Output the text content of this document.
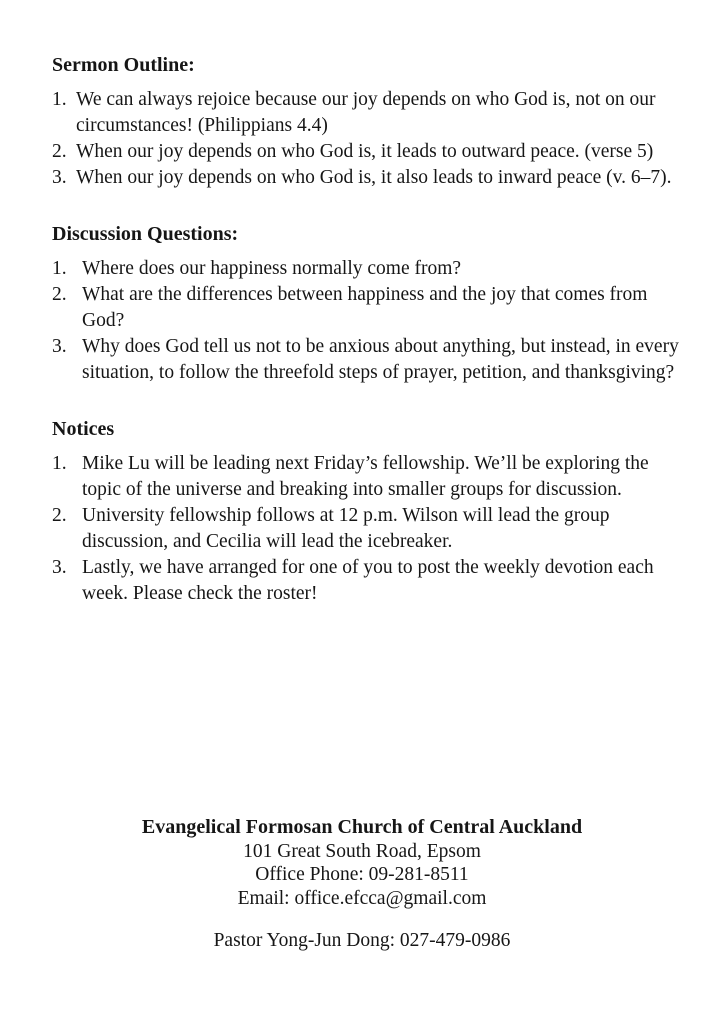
Sermon Outline:
1. We can always rejoice because our joy depends on who God is, not on our circumstances! (Philippians 4.4)
2. When our joy depends on who God is, it leads to outward peace. (verse 5)
3. When our joy depends on who God is, it also leads to inward peace (v. 6–7).
Discussion Questions:
1. Where does our happiness normally come from?
2. What are the differences between happiness and the joy that comes from God?
3. Why does God tell us not to be anxious about anything, but instead, in every situation, to follow the threefold steps of prayer, petition, and thanksgiving?
Notices
1. Mike Lu will be leading next Friday’s fellowship. We’ll be exploring the topic of the universe and breaking into smaller groups for discussion.
2. University fellowship follows at 12 p.m. Wilson will lead the group discussion, and Cecilia will lead the icebreaker.
3. Lastly, we have arranged for one of you to post the weekly devotion each week. Please check the roster!
Evangelical Formosan Church of Central Auckland
101 Great South Road, Epsom
Office Phone: 09-281-8511
Email: office.efcca@gmail.com
Pastor Yong-Jun Dong: 027-479-0986
